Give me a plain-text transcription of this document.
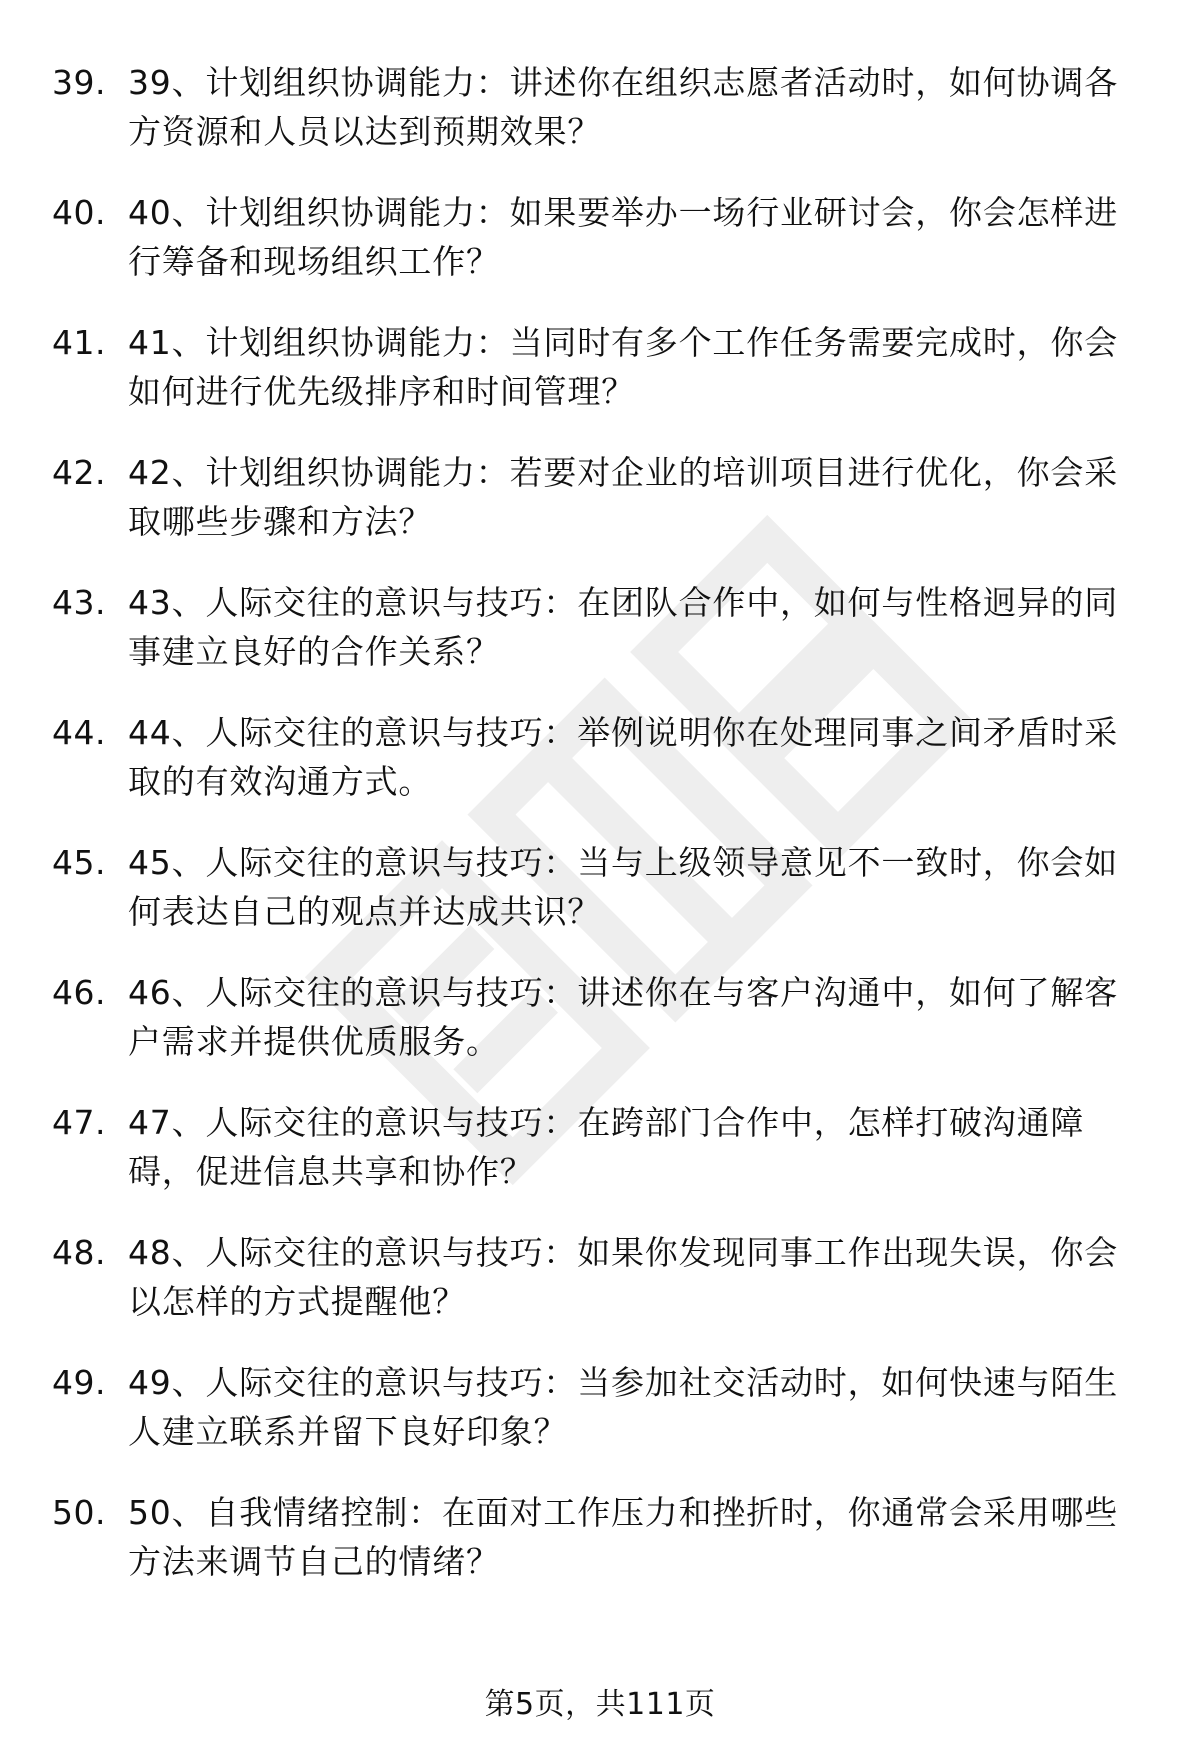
39. 39、计划组织协调能力：讲述你在组织志愿者活动时，如何协调各方资源和人员以达到预期效果？
40. 40、计划组织协调能力：如果要举办一场行业研讨会，你会怎样进行筹备和现场组织工作？
41. 41、计划组织协调能力：当同时有多个工作任务需要完成时，你会如何进行优先级排序和时间管理？
42. 42、计划组织协调能力：若要对企业的培训项目进行优化，你会采取哪些步骤和方法？
43. 43、人际交往的意识与技巧：在团队合作中，如何与性格迥异的同事建立良好的合作关系？
44. 44、人际交往的意识与技巧：举例说明你在处理同事之间矛盾时采取的有效沟通方式。
45. 45、人际交往的意识与技巧：当与上级领导意见不一致时，你会如何表达自己的观点并达成共识？
46. 46、人际交往的意识与技巧：讲述你在与客户沟通中，如何了解客户需求并提供优质服务。
47. 47、人际交往的意识与技巧：在跨部门合作中，怎样打破沟通障碍，促进信息共享和协作？
48. 48、人际交往的意识与技巧：如果你发现同事工作出现失误，你会以怎样的方式提醒他？
49. 49、人际交往的意识与技巧：当参加社交活动时，如何快速与陌生人建立联系并留下良好印象？
50. 50、自我情绪控制：在面对工作压力和挫折时，你通常会采用哪些方法来调节自己的情绪？
第5页，共111页
